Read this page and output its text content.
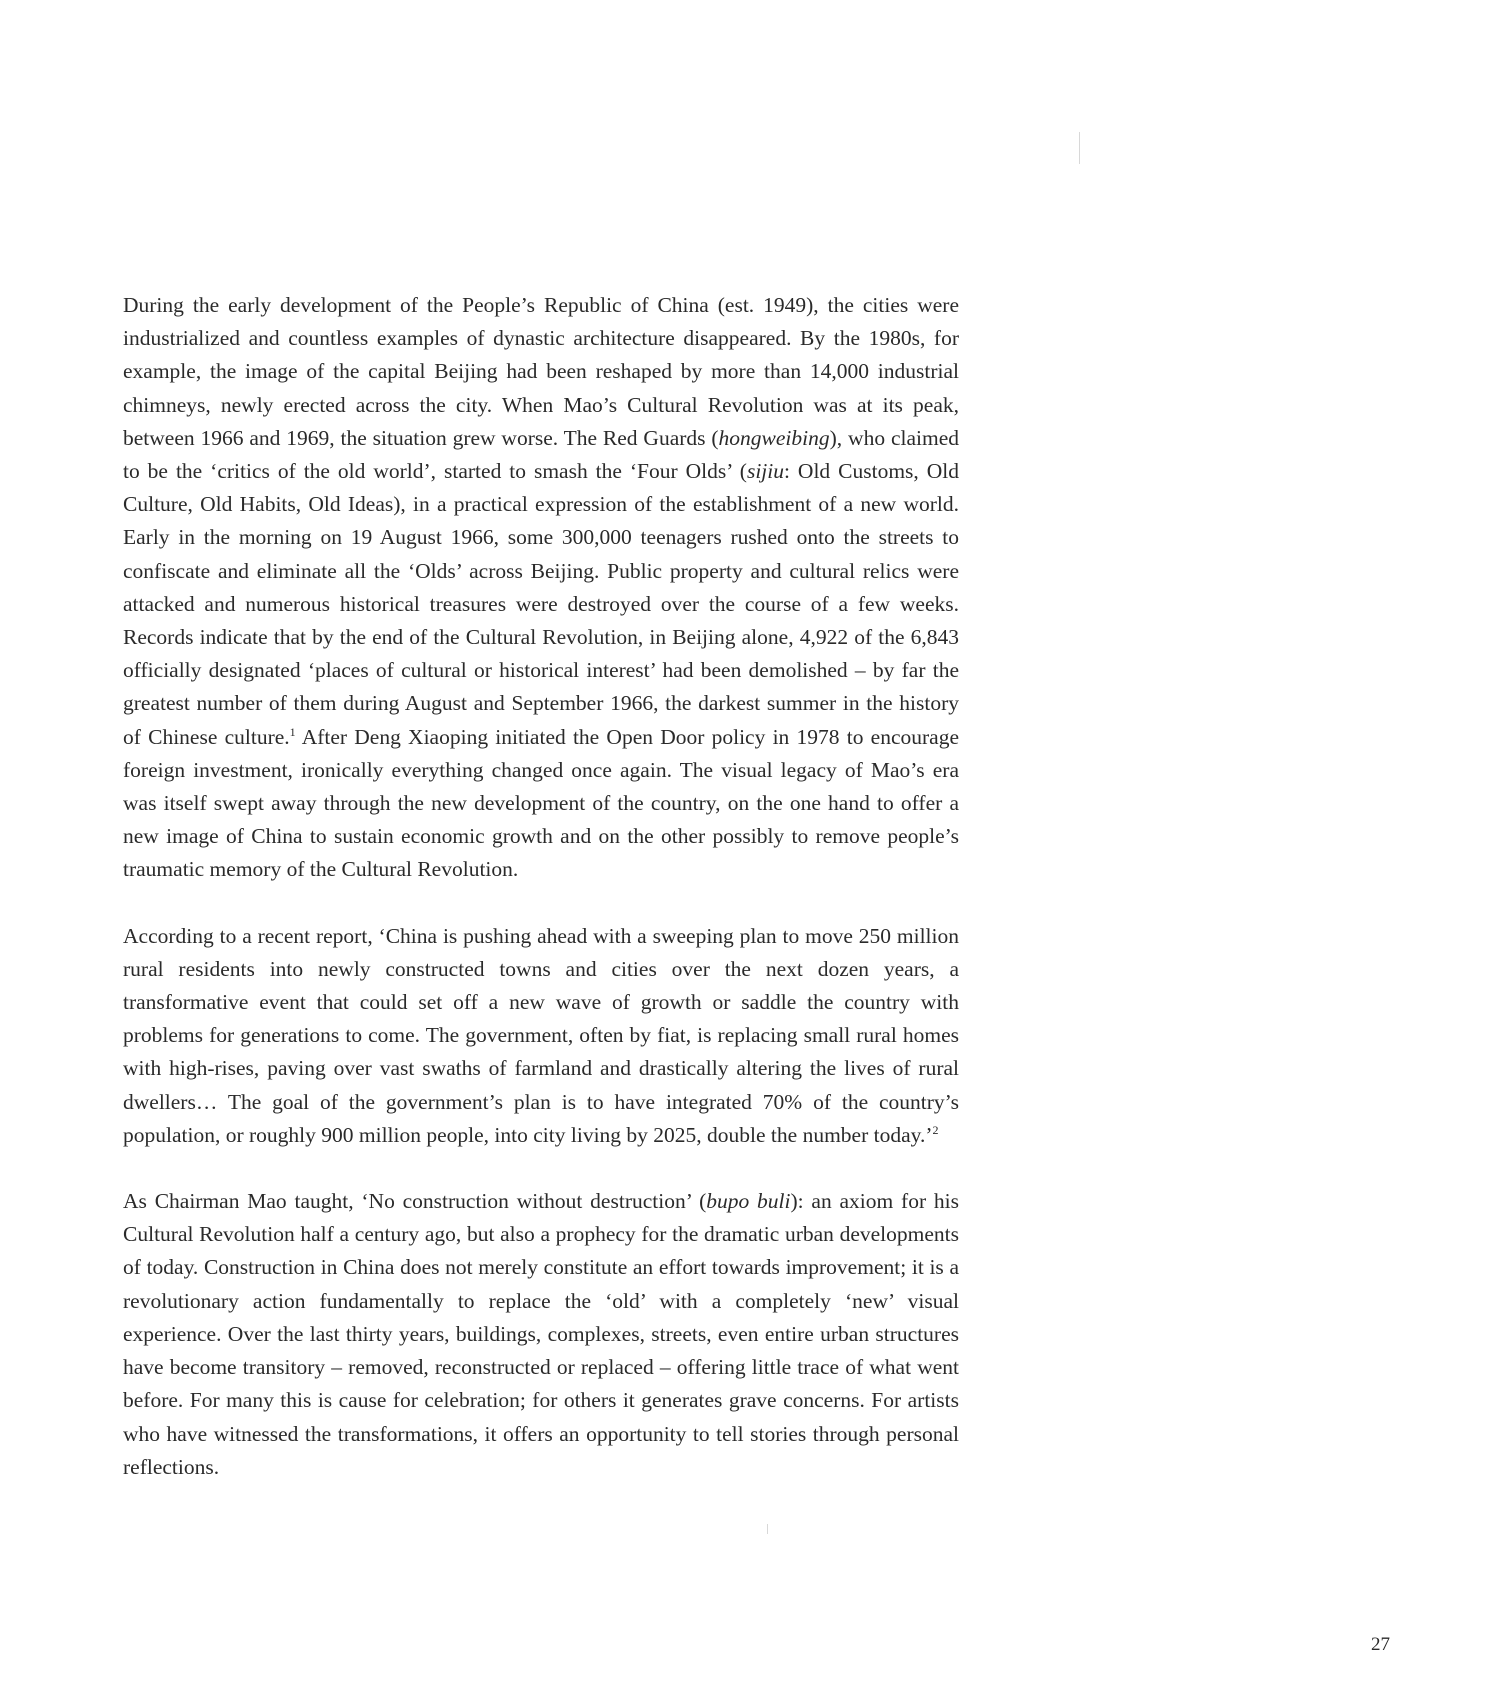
During the early development of the People’s Republic of China (est. 1949), the cities were industrialized and countless examples of dynastic architecture disappeared. By the 1980s, for example, the image of the capital Beijing had been reshaped by more than 14,000 industrial chimneys, newly erected across the city. When Mao’s Cultural Revolution was at its peak, between 1966 and 1969, the situation grew worse. The Red Guards (hongweibing), who claimed to be the ‘critics of the old world’, started to smash the ‘Four Olds’ (sijiu: Old Customs, Old Culture, Old Habits, Old Ideas), in a practical expression of the establishment of a new world. Early in the morning on 19 August 1966, some 300,000 teenagers rushed onto the streets to confiscate and eliminate all the ‘Olds’ across Beijing. Public property and cultural relics were attacked and numerous historical treasures were destroyed over the course of a few weeks. Records indicate that by the end of the Cultural Revolution, in Beijing alone, 4,922 of the 6,843 officially designated ‘places of cultural or historical interest’ had been demolished – by far the greatest number of them during August and September 1966, the darkest summer in the history of Chinese culture.$^1$ After Deng Xiaoping initiated the Open Door policy in 1978 to encourage foreign investment, ironically everything changed once again. The visual legacy of Mao’s era was itself swept away through the new development of the country, on the one hand to offer a new image of China to sustain economic growth and on the other possibly to remove people’s traumatic memory of the Cultural Revolution.

According to a recent report, ‘China is pushing ahead with a sweeping plan to move 250 million rural residents into newly constructed towns and cities over the next dozen years, a transformative event that could set off a new wave of growth or saddle the country with problems for generations to come. The government, often by fiat, is replacing small rural homes with high-rises, paving over vast swaths of farmland and drastically altering the lives of rural dwellers… The goal of the government’s plan is to have integrated 70% of the country’s population, or roughly 900 million people, into city living by 2025, double the number today.’$^2$

As Chairman Mao taught, ‘No construction without destruction’ (bupo buli): an axiom for his Cultural Revolution half a century ago, but also a prophecy for the dramatic urban developments of today. Construction in China does not merely constitute an effort towards improvement; it is a revolutionary action fundamentally to replace the ‘old’ with a completely ‘new’ visual experience. Over the last thirty years, buildings, complexes, streets, even entire urban structures have become transitory – removed, reconstructed or replaced – offering little trace of what went before. For many this is cause for celebration; for others it generates grave concerns. For artists who have witnessed the transformations, it offers an opportunity to tell stories through personal reflections.

27
